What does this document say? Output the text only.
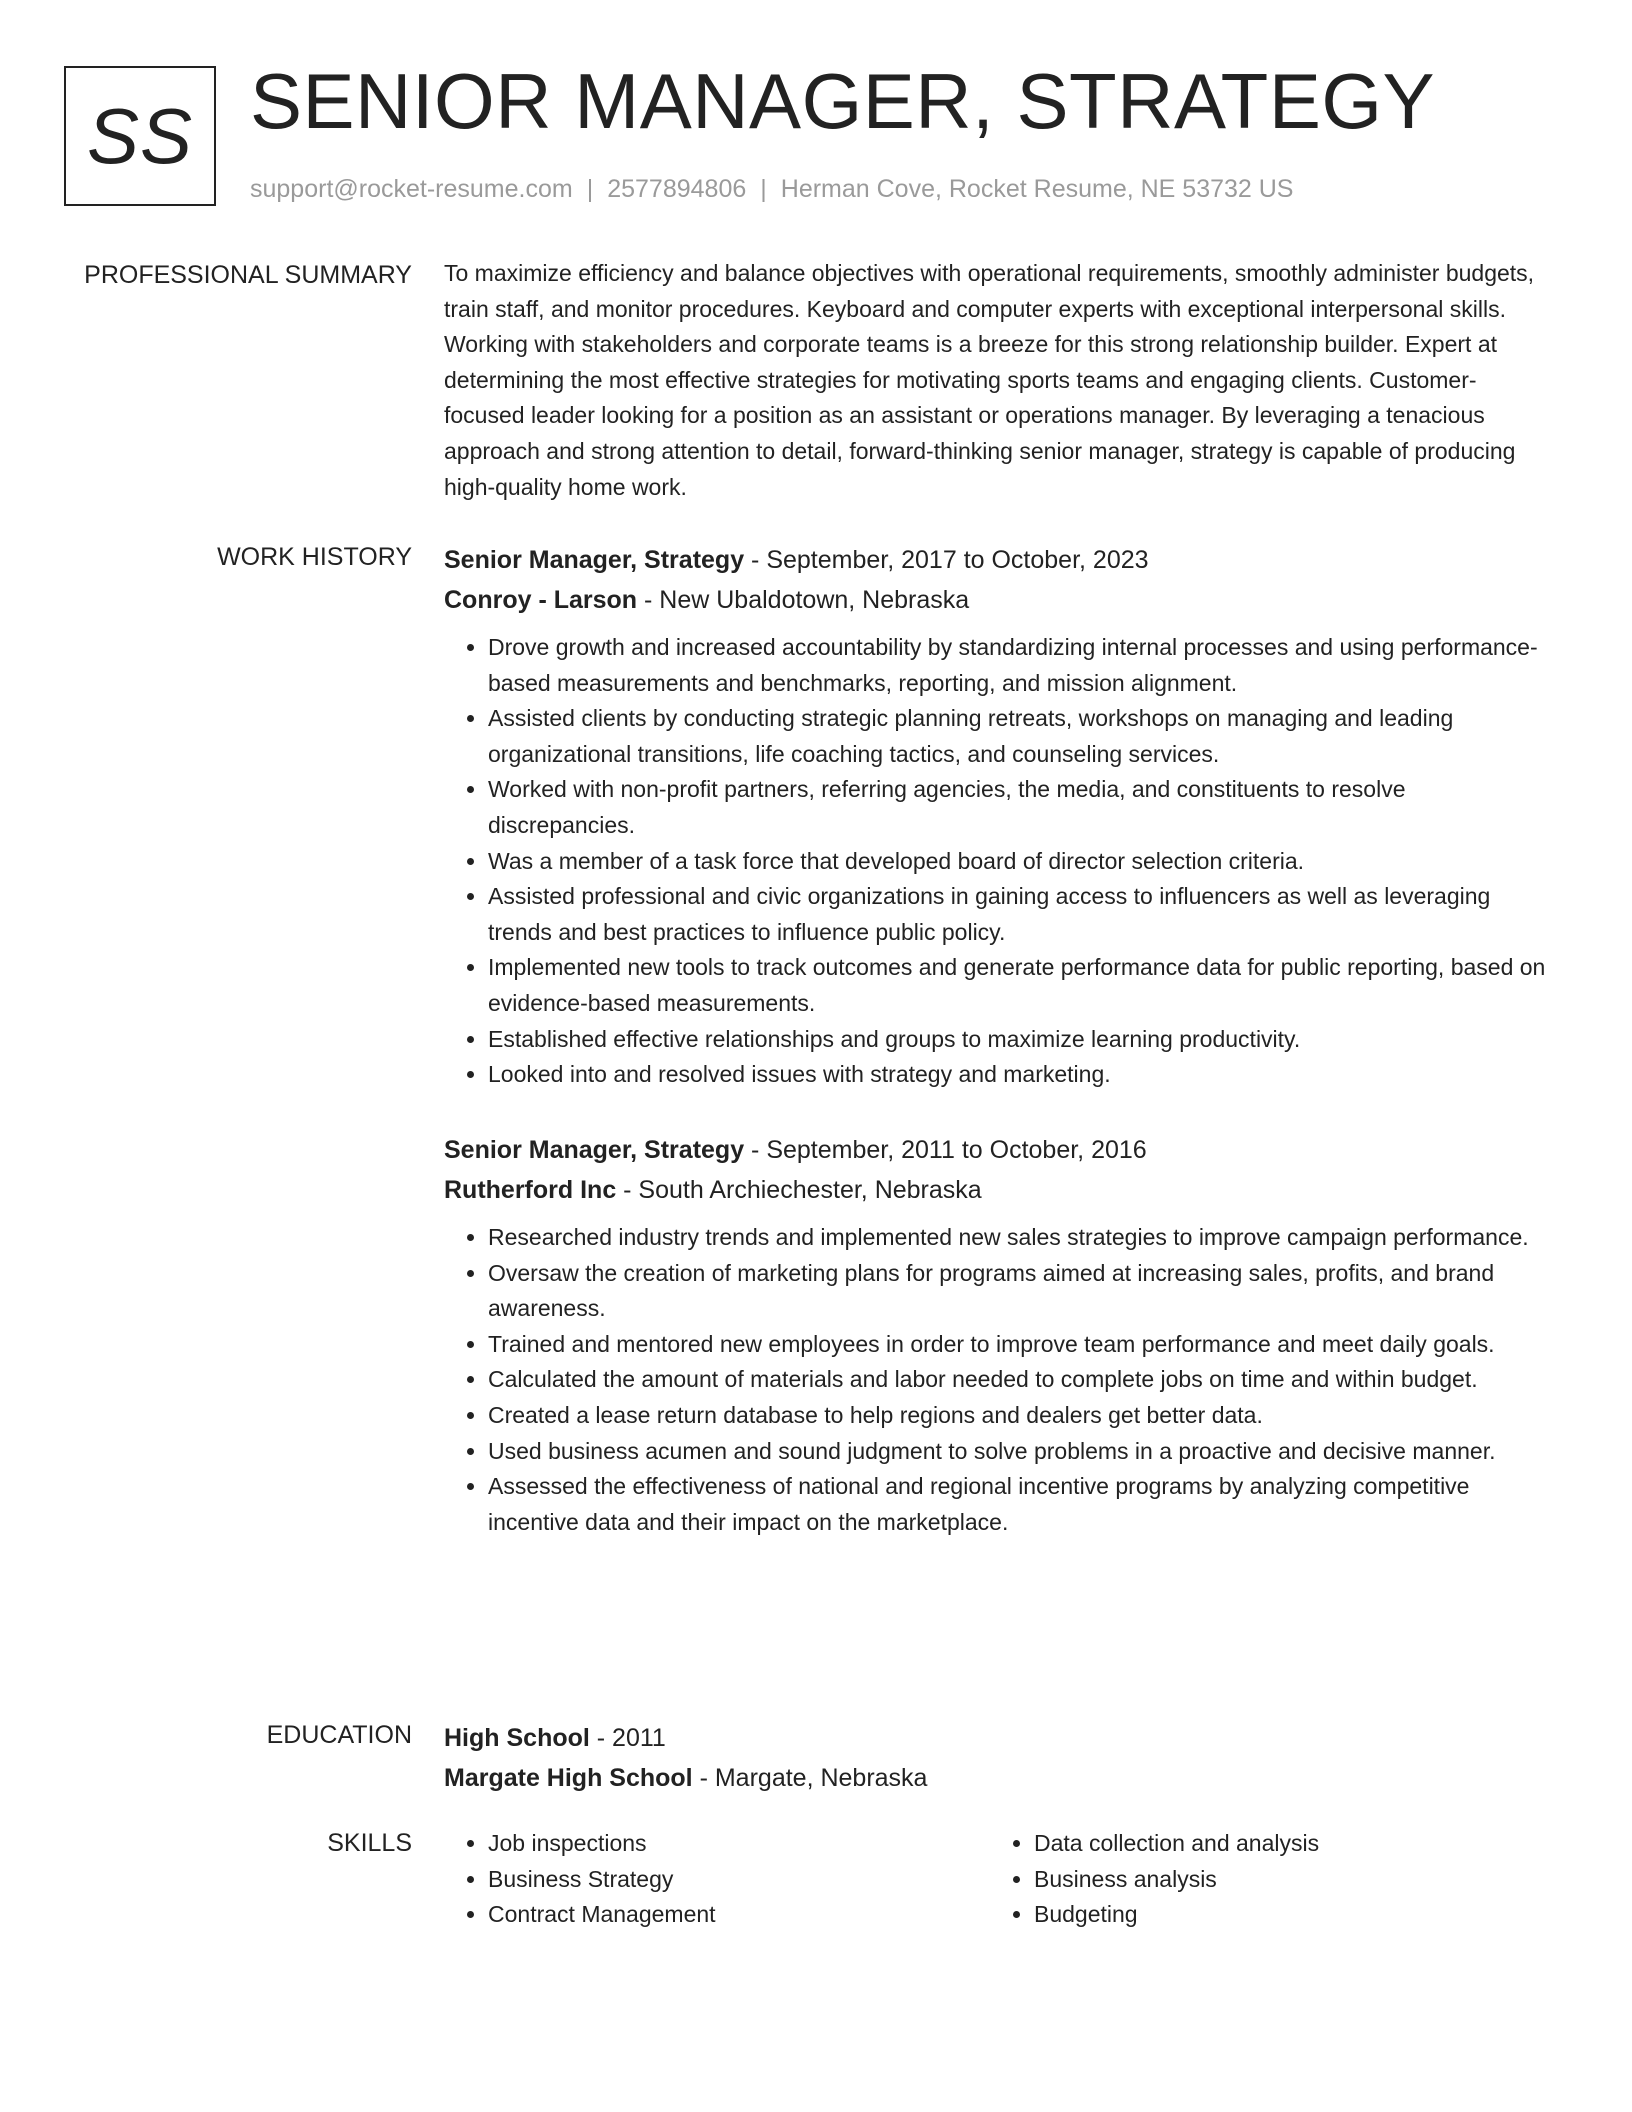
SS SENIOR MANAGER, STRATEGY
support@rocket-resume.com | 2577894806 | Herman Cove, Rocket Resume, NE 53732 US
PROFESSIONAL SUMMARY To maximize efficiency and balance objectives with operational requirements, smoothly administer budgets, train staff, and monitor procedures. Keyboard and computer experts with exceptional interpersonal skills. Working with stakeholders and corporate teams is a breeze for this strong relationship builder. Expert at determining the most effective strategies for motivating sports teams and engaging clients. Customer-focused leader looking for a position as an assistant or operations manager. By leveraging a tenacious approach and strong attention to detail, forward-thinking senior manager, strategy is capable of producing high-quality home work.

WORK HISTORY Senior Manager, Strategy - September, 2017 to October, 2023
Conroy - Larson - New Ubaldotown, Nebraska
• Drove growth and increased accountability by standardizing internal processes and using performance-based measurements and benchmarks, reporting, and mission alignment.
• Assisted clients by conducting strategic planning retreats, workshops on managing and leading organizational transitions, life coaching tactics, and counseling services.
• Worked with non-profit partners, referring agencies, the media, and constituents to resolve discrepancies.
• Was a member of a task force that developed board of director selection criteria.
• Assisted professional and civic organizations in gaining access to influencers as well as leveraging trends and best practices to influence public policy.
• Implemented new tools to track outcomes and generate performance data for public reporting, based on evidence-based measurements.
• Established effective relationships and groups to maximize learning productivity.
• Looked into and resolved issues with strategy and marketing.
Senior Manager, Strategy - September, 2011 to October, 2016
Rutherford Inc - South Archiechester, Nebraska
• Researched industry trends and implemented new sales strategies to improve campaign performance.
• Oversaw the creation of marketing plans for programs aimed at increasing sales, profits, and brand awareness.
• Trained and mentored new employees in order to improve team performance and meet daily goals.
• Calculated the amount of materials and labor needed to complete jobs on time and within budget.
• Created a lease return database to help regions and dealers get better data.
• Used business acumen and sound judgment to solve problems in a proactive and decisive manner.
• Assessed the effectiveness of national and regional incentive programs by analyzing competitive incentive data and their impact on the marketplace.
EDUCATION High School - 2011
Margate High School - Margate, Nebraska
SKILLS
•	Job inspections
• Business Strategy
• Contract Management
• Data collection and analysis
• Business analysis
• Budgeting
